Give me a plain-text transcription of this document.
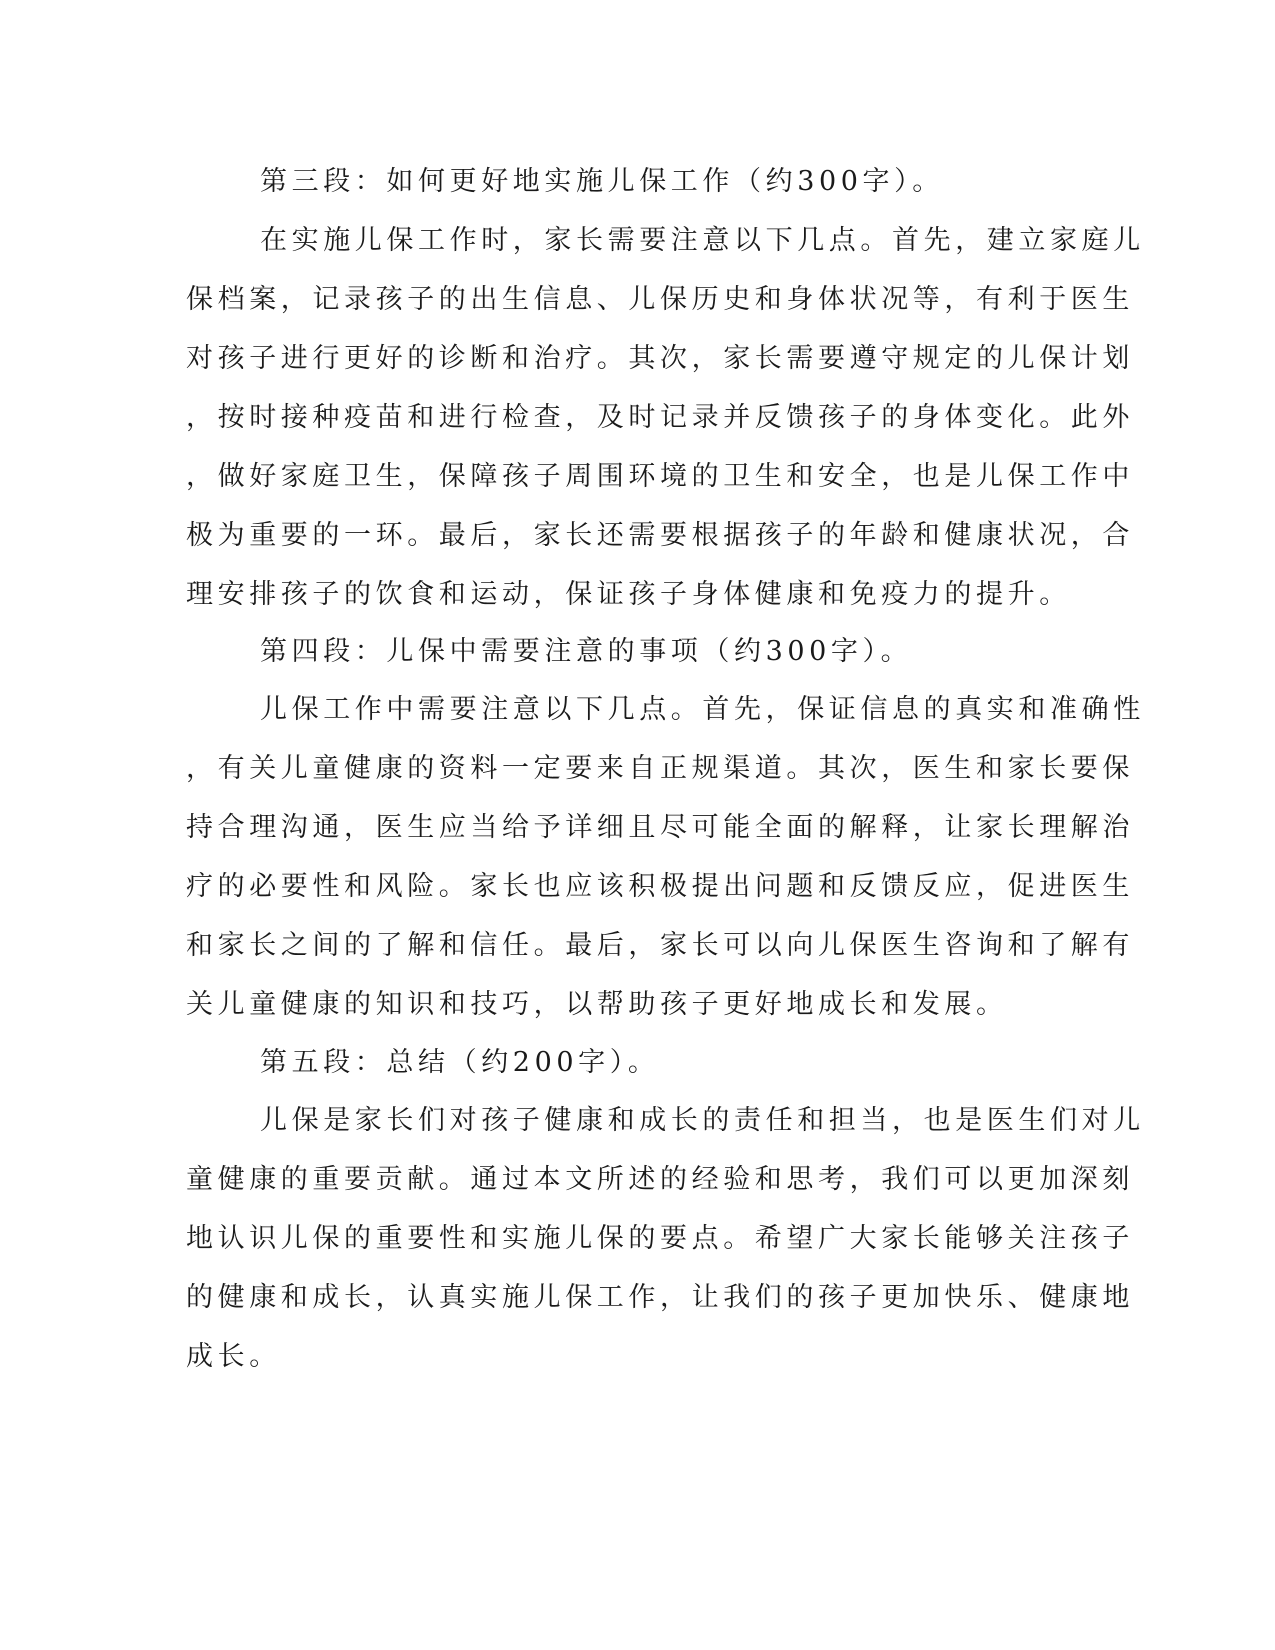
第三段：如何更好地实施儿保工作（约300字）。
在实施儿保工作时，家长需要注意以下几点。首先，建立家庭儿
保档案，记录孩子的出生信息、儿保历史和身体状况等，有利于医生
对孩子进行更好的诊断和治疗。其次，家长需要遵守规定的儿保计划
，按时接种疫苗和进行检查，及时记录并反馈孩子的身体变化。此外
，做好家庭卫生，保障孩子周围环境的卫生和安全，也是儿保工作中
极为重要的一环。最后，家长还需要根据孩子的年龄和健康状况，合
理安排孩子的饮食和运动，保证孩子身体健康和免疫力的提升。
第四段：儿保中需要注意的事项（约300字）。
儿保工作中需要注意以下几点。首先，保证信息的真实和准确性
，有关儿童健康的资料一定要来自正规渠道。其次，医生和家长要保
持合理沟通，医生应当给予详细且尽可能全面的解释，让家长理解治
疗的必要性和风险。家长也应该积极提出问题和反馈反应，促进医生
和家长之间的了解和信任。最后，家长可以向儿保医生咨询和了解有
关儿童健康的知识和技巧，以帮助孩子更好地成长和发展。
第五段：总结（约200字）。
儿保是家长们对孩子健康和成长的责任和担当，也是医生们对儿
童健康的重要贡献。通过本文所述的经验和思考，我们可以更加深刻
地认识儿保的重要性和实施儿保的要点。希望广大家长能够关注孩子
的健康和成长，认真实施儿保工作，让我们的孩子更加快乐、健康地
成长。
